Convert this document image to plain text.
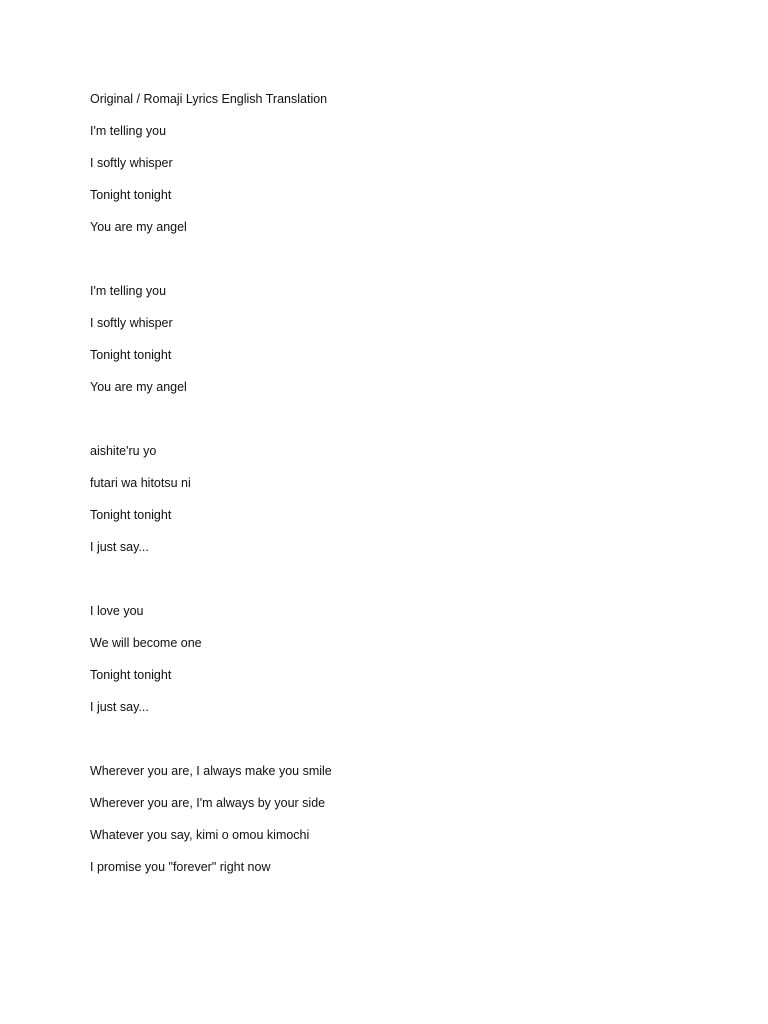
Original / Romaji Lyrics English Translation
I'm telling you
I softly whisper
Tonight tonight
You are my angel
I'm telling you
I softly whisper
Tonight tonight
You are my angel
aishite'ru yo
futari wa hitotsu ni
Tonight tonight
I just say...
I love you
We will become one
Tonight tonight
I just say...
Wherever you are, I always make you smile
Wherever you are, I'm always by your side
Whatever you say, kimi o omou kimochi
I promise you "forever" right now
